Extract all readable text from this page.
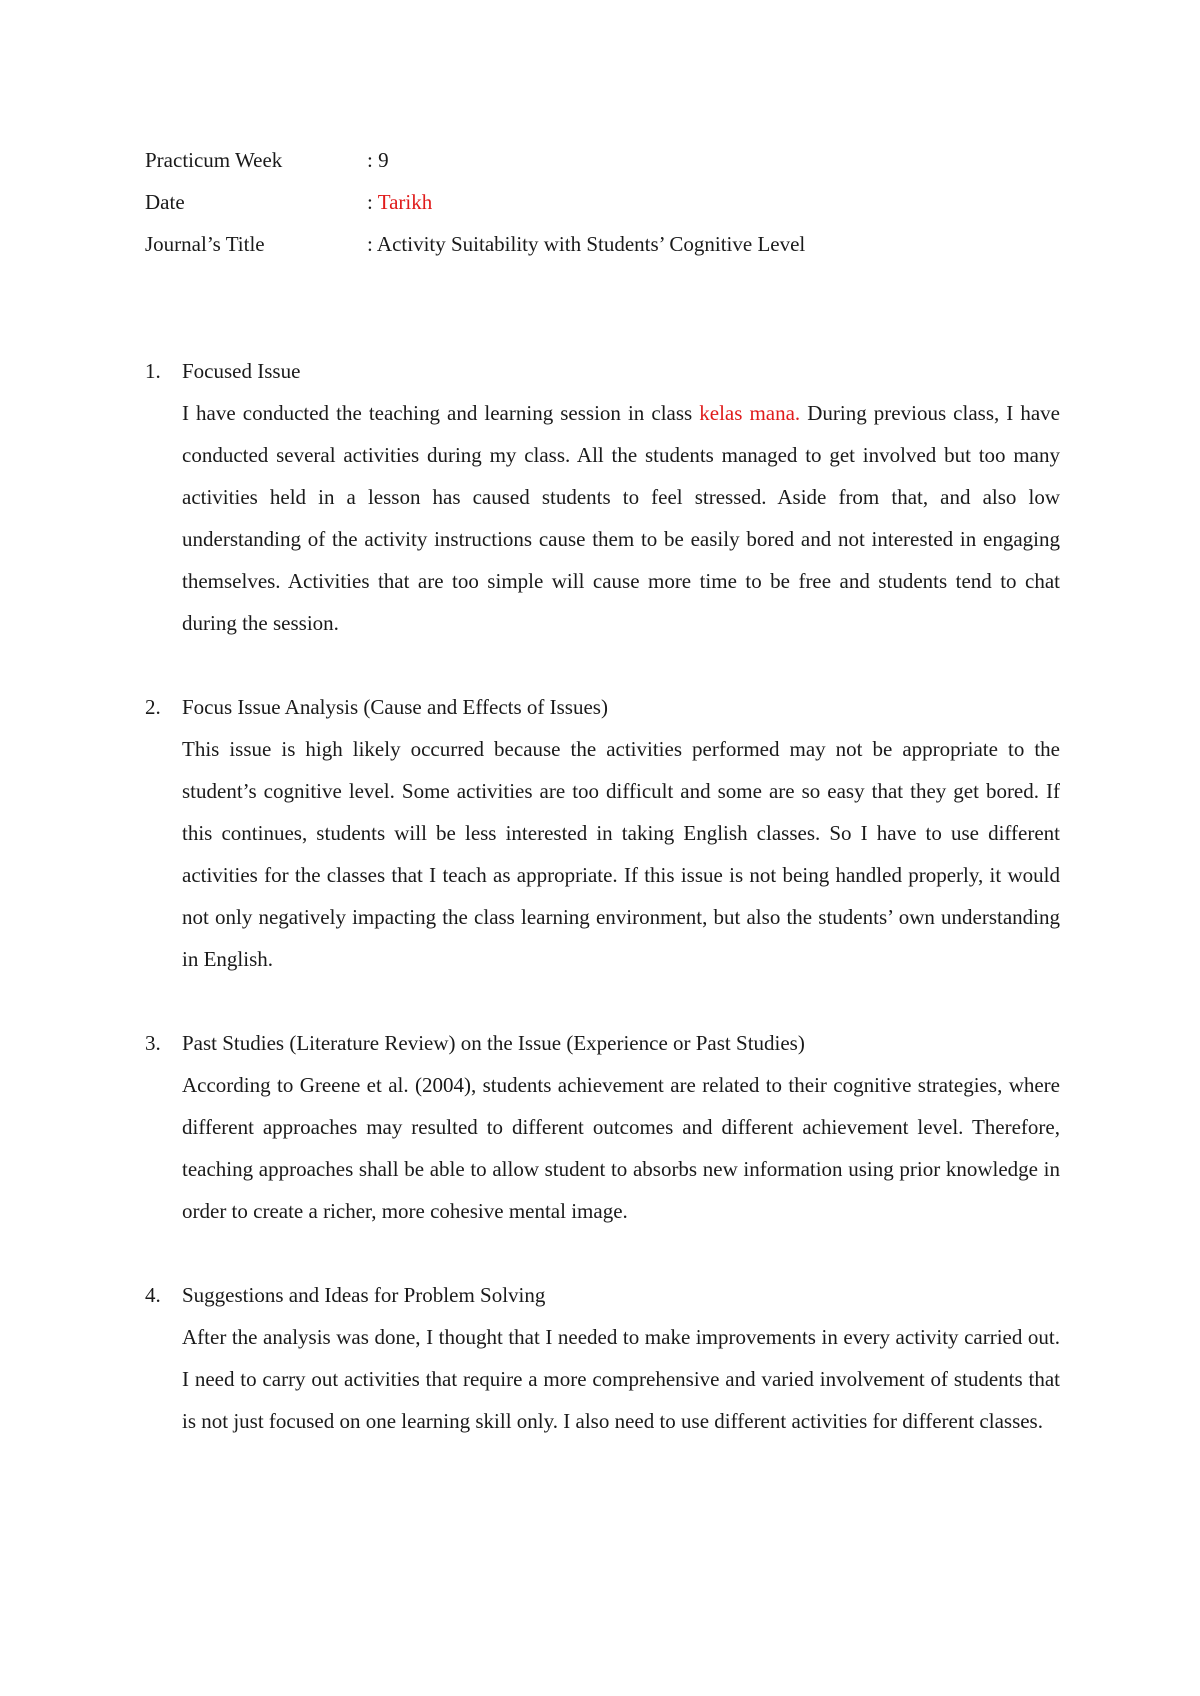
Practicum Week	: 9
Date	: Tarikh
Journal’s Title	: Activity Suitability with Students’ Cognitive Level
1. Focused Issue
I have conducted the teaching and learning session in class kelas mana. During previous class, I have conducted several activities during my class. All the students managed to get involved but too many activities held in a lesson has caused students to feel stressed. Aside from that, and also low understanding of the activity instructions cause them to be easily bored and not interested in engaging themselves. Activities that are too simple will cause more time to be free and students tend to chat during the session.
2. Focus Issue Analysis (Cause and Effects of Issues)
This issue is high likely occurred because the activities performed may not be appropriate to the student’s cognitive level. Some activities are too difficult and some are so easy that they get bored. If this continues, students will be less interested in taking English classes. So I have to use different activities for the classes that I teach as appropriate. If this issue is not being handled properly, it would not only negatively impacting the class learning environment, but also the students’ own understanding in English.
3. Past Studies (Literature Review) on the Issue (Experience or Past Studies)
According to Greene et al. (2004), students achievement are related to their cognitive strategies, where different approaches may resulted to different outcomes and different achievement level. Therefore, teaching approaches shall be able to allow student to absorbs new information using prior knowledge in order to create a richer, more cohesive mental image.
4. Suggestions and Ideas for Problem Solving
After the analysis was done, I thought that I needed to make improvements in every activity carried out. I need to carry out activities that require a more comprehensive and varied involvement of students that is not just focused on one learning skill only. I also need to use different activities for different classes.
